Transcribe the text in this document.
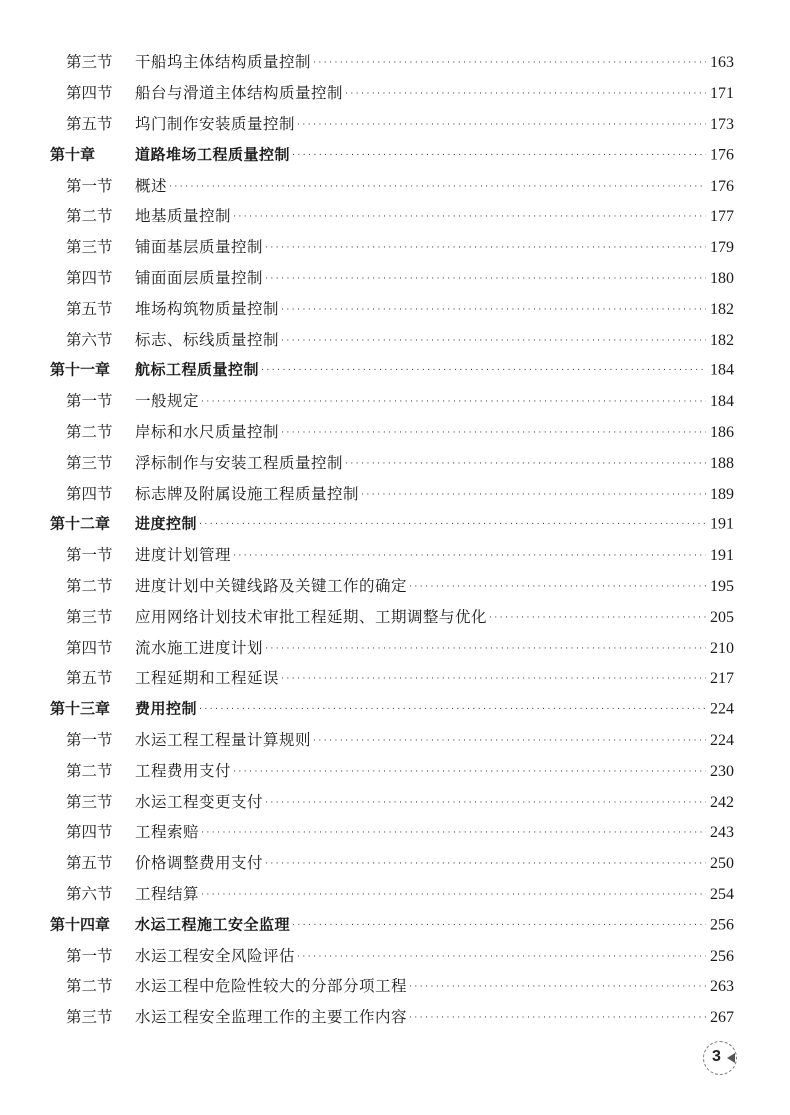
第三节 干船坞主体结构质量控制 ·····	163
第四节 船台与滑道主体结构质量控制 ·····	171
第五节 坞门制作安装质量控制 ·····	173
第十章	道路堆场工程质量控制 ·····	176
第一节 概述 ·····	176
第二节 地基质量控制 ·····	177
第三节 铺面基层质量控制 ·····	179
第四节 铺面面层质量控制 ·····	180
第五节 堆场构筑物质量控制 ·····	182
第六节 标志、标线质量控制 ·····	182
第十一章 航标工程质量控制 ·····	184
第一节 一般规定 ·····	184
第二节 岸标和水尺质量控制 ·····	186
第三节 浮标制作与安装工程质量控制 ·····	188
第四节 标志牌及附属设施工程质量控制 ·····	189
第十二章 进度控制 ·····	191
第一节 进度计划管理 ·····	191
第二节 进度计划中关键线路及关键工作的确定 ·····	195
第三节 应用网络计划技术审批工程延期、工期调整与优化 ·····	205
第四节 流水施工进度计划 ·····	210
第五节 工程延期和工程延误 ·····	217
第十三章 费用控制 ·····	224
第一节 水运工程工程量计算规则 ·····	224
第二节 工程费用支付 ·····	230
第三节 水运工程变更支付 ·····	242
第四节 工程索赔 ·····	243
第五节 价格调整费用支付 ·····	250
第六节 工程结算 ·····	254
第十四章 水运工程施工安全监理 ·····	256
第一节 水运工程安全风险评估 ·····	256
第二节 水运工程中危险性较大的分部分项工程 ·····	263
第三节 水运工程安全监理工作的主要工作内容 ·····	267
3
